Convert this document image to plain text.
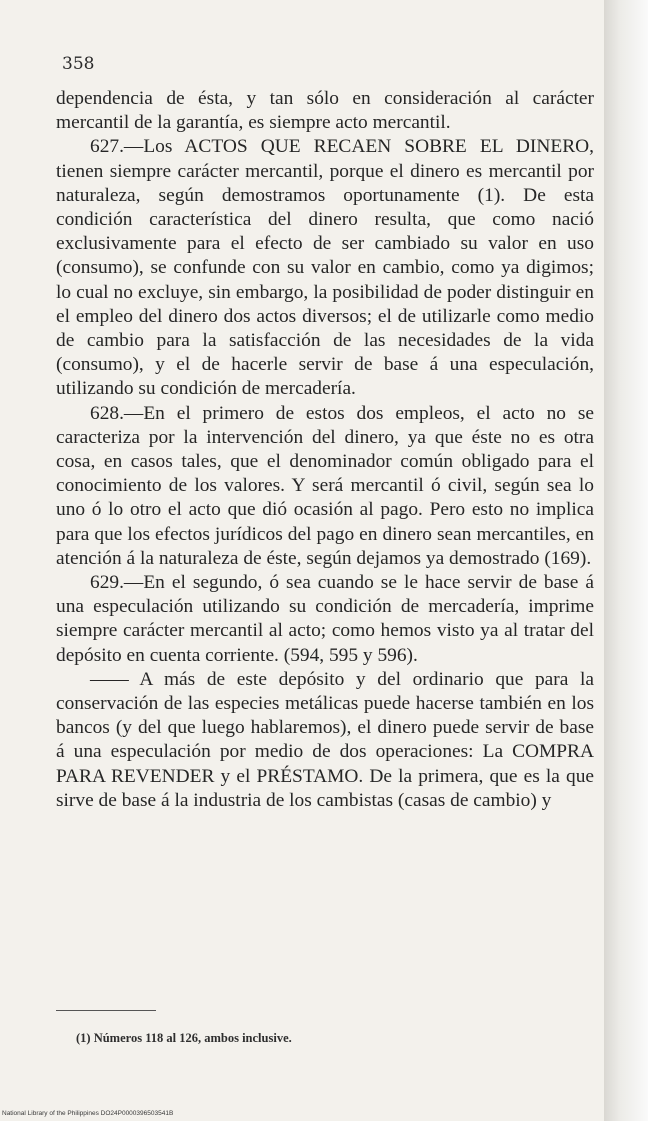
358

dependencia de ésta, y tan sólo en consideración al carácter mercantil de la garantía, es siempre acto mercantil.

627.—Los ACTOS QUE RECAEN SOBRE EL DINERO, tienen siempre carácter mercantil, porque el dinero es mercantil por naturaleza, según demostramos oportunamente (1). De esta condición característica del dinero resulta, que como nació exclusivamente para el efecto de ser cambiado su valor en uso (consumo), se confunde con su valor en cambio, como ya digimos; lo cual no excluye, sin embargo, la posibilidad de poder distinguir en el empleo del dinero dos actos diversos; el de utilizarle como medio de cambio para la satisfacción de las necesidades de la vida (consumo), y el de hacerle servir de base á una especulación, utilizando su condición de mercadería.

628.—En el primero de estos dos empleos, el acto no se caracteriza por la intervención del dinero, ya que éste no es otra cosa, en casos tales, que el denominador común obligado para el conocimiento de los valores. Y será mercantil ó civil, según sea lo uno ó lo otro el acto que dió ocasión al pago. Pero esto no implica para que los efectos jurídicos del pago en dinero sean mercantiles, en atención á la naturaleza de éste, según dejamos ya demostrado (169).

629.—En el segundo, ó sea cuando se le hace servir de base á una especulación utilizando su condición de mercadería, imprime siempre carácter mercantil al acto; como hemos visto ya al tratar del depósito en cuenta corriente. (594, 595 y 596).

—— A más de este depósito y del ordinario que para la conservación de las especies metálicas puede hacerse también en los bancos (y del que luego hablaremos), el dinero puede servir de base á una especulación por medio de dos operaciones: La COMPRA PARA REVENDER y el PRÉSTAMO. De la primera, que es la que sirve de base á la industria de los cambistas (casas de cambio) y

(1) Números 118 al 126, ambos inclusive.
National Library of the Philippines DO24P0000396503541B
